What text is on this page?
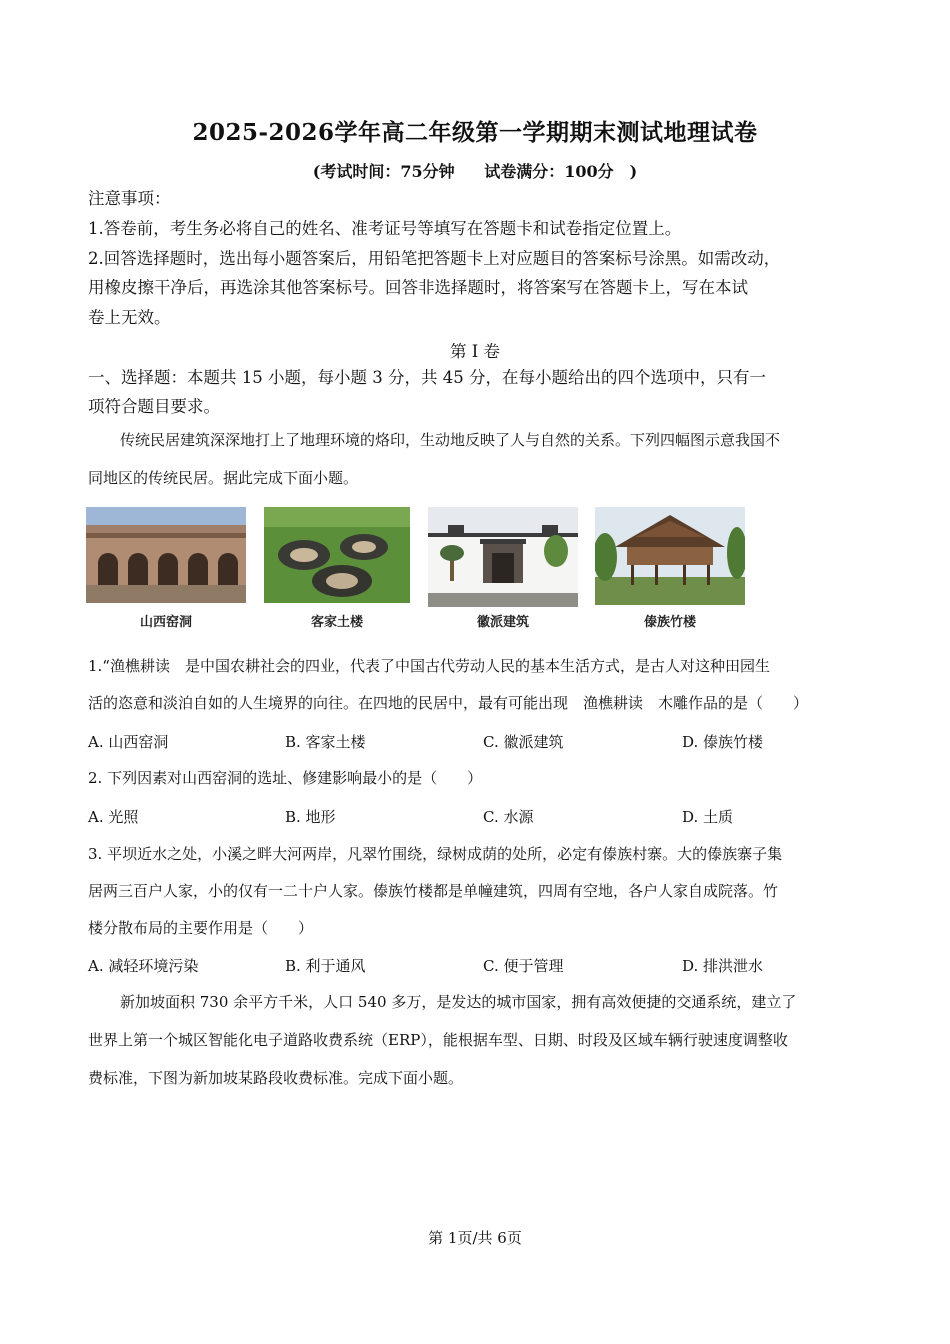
2025-2026学年高二年级第一学期期末测试地理试卷
(考试时间：75分钟 试卷满分：100分　)
注意事项：
1.答卷前，考生务必将自己的姓名、准考证号等填写在答题卡和试卷指定位置上。
2.回答选择题时，选出每小题答案后，用铅笔把答题卡上对应题目的答案标号涂黑。如需改动，
用橡皮擦干净后，再选涂其他答案标号。回答非选择题时，将答案写在答题卡上，写在本试
卷上无效。
第 I 卷
一、选择题：本题共 15 小题，每小题 3 分，共 45 分，在每小题给出的四个选项中，只有一
项符合题目要求。
传统民居建筑深深地打上了地理环境的烙印，生动地反映了人与自然的关系。下列四幅图示意我国不
同地区的传统民居。据此完成下面小题。
山西窑洞	客家土楼	徽派建筑	傣族竹楼
1.“渔樵耕读　是中国农耕社会的四业，代表了中国古代劳动人民的基本生活方式，是古人对这种田园生
活的恣意和淡泊自如的人生境界的向往。在四地的民居中，最有可能出现　渔樵耕读　木雕作品的是（　　）
A. 山西窑洞	B. 客家土楼	C. 徽派建筑	D. 傣族竹楼
2. 下列因素对山西窑洞的选址、修建影响最小的是（　　）
A. 光照	B. 地形	C. 水源	D. 土质
3. 平坝近水之处，小溪之畔大河两岸，凡翠竹围绕，绿树成荫的处所，必定有傣族村寨。大的傣族寨子集
居两三百户人家，小的仅有一二十户人家。傣族竹楼都是单幢建筑，四周有空地，各户人家自成院落。竹
楼分散布局的主要作用是（　　）
A. 减轻环境污染	B. 利于通风	C. 便于管理	D. 排洪泄水
新加坡面积 730 余平方千米，人口 540 多万，是发达的城市国家，拥有高效便捷的交通系统，建立了
世界上第一个城区智能化电子道路收费系统（ERP），能根据车型、日期、时段及区域车辆行驶速度调整收
费标准，下图为新加坡某路段收费标准。完成下面小题。
第 1页/共 6页
